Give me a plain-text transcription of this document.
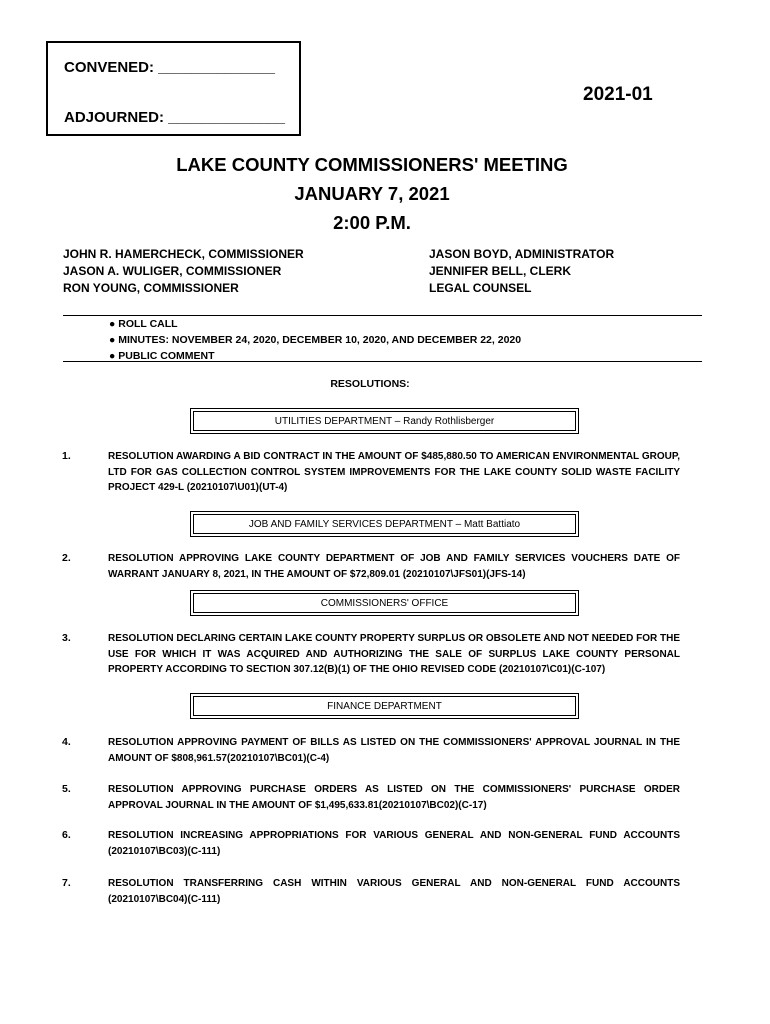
CONVENED: ______________
ADJOURNED: ______________
2021-01
LAKE COUNTY COMMISSIONERS' MEETING
JANUARY 7, 2021
2:00 P.M.
JOHN R. HAMERCHECK, COMMISSIONER
JASON A. WULIGER, COMMISSIONER
RON YOUNG, COMMISSIONER
JASON BOYD, ADMINISTRATOR
JENNIFER BELL, CLERK
LEGAL COUNSEL
● ROLL CALL
● MINUTES: NOVEMBER 24, 2020, DECEMBER 10, 2020, AND DECEMBER 22, 2020
● PUBLIC COMMENT
RESOLUTIONS:
UTILITIES DEPARTMENT – Randy Rothlisberger
1.	RESOLUTION AWARDING A BID CONTRACT IN THE AMOUNT OF $485,880.50 TO AMERICAN ENVIRONMENTAL GROUP, LTD FOR GAS COLLECTION CONTROL SYSTEM IMPROVEMENTS FOR THE LAKE COUNTY SOLID WASTE FACILITY PROJECT 429-L (20210107\U01)(UT-4)
JOB AND FAMILY SERVICES DEPARTMENT – Matt Battiato
2.	RESOLUTION APPROVING LAKE COUNTY DEPARTMENT OF JOB AND FAMILY SERVICES VOUCHERS DATE OF WARRANT JANUARY 8, 2021, IN THE AMOUNT OF $72,809.01 (20210107\JFS01)(JFS-14)
COMMISSIONERS' OFFICE
3.	RESOLUTION DECLARING CERTAIN LAKE COUNTY PROPERTY SURPLUS OR OBSOLETE AND NOT NEEDED FOR THE USE FOR WHICH IT WAS ACQUIRED AND AUTHORIZING THE SALE OF SURPLUS LAKE COUNTY PERSONAL PROPERTY ACCORDING TO SECTION 307.12(B)(1) OF THE OHIO REVISED CODE (20210107\C01)(C-107)
FINANCE DEPARTMENT
4.	RESOLUTION APPROVING PAYMENT OF BILLS AS LISTED ON THE COMMISSIONERS' APPROVAL JOURNAL IN THE AMOUNT OF $808,961.57(20210107\BC01)(C-4)
5.	RESOLUTION APPROVING PURCHASE ORDERS AS LISTED ON THE COMMISSIONERS' PURCHASE ORDER APPROVAL JOURNAL IN THE AMOUNT OF $1,495,633.81(20210107\BC02)(C-17)
6.	RESOLUTION INCREASING APPROPRIATIONS FOR VARIOUS GENERAL AND NON-GENERAL FUND ACCOUNTS (20210107\BC03)(C-111)
7.	RESOLUTION TRANSFERRING CASH WITHIN VARIOUS GENERAL AND NON-GENERAL FUND ACCOUNTS (20210107\BC04)(C-111)
